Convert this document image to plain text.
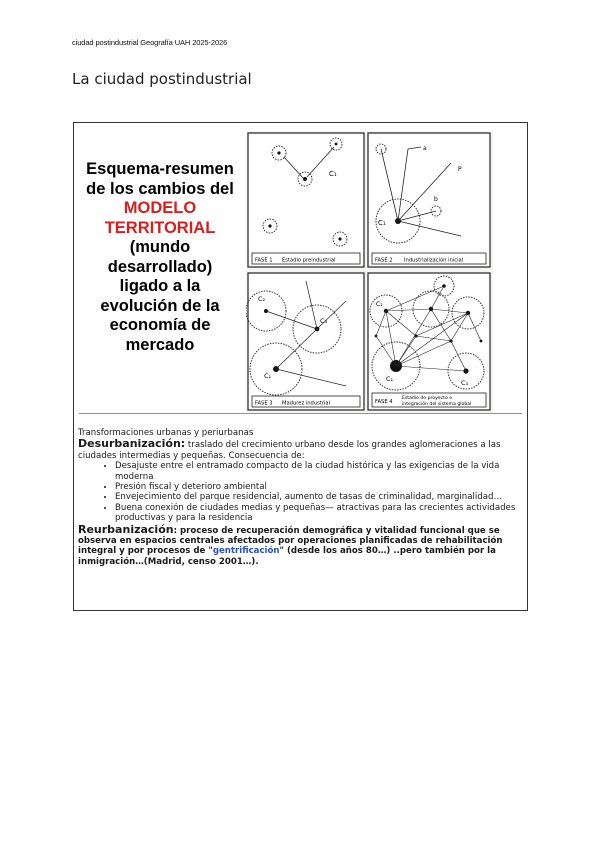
ciudad postindustrial Geografía UAH 2025-2026
La ciudad postindustrial
Esquema-resumen
de los cambios del
MODELO
TERRITORIAL
(mundo
desarrollado)
ligado a la
evolución de la
economía de
mercado
FASE 1 Estadio preindustrial
C₁
FASE 2 Industrialización inicial
a
P
b
C₁
FASE 3 Madurez industrial
C₂
C₃
C₁
FASE 4
Estadio de proyecto e
integración del sistema global
C₂
C₁	C₃
Transformaciones urbanas y periurbanas
Desurbanización: traslado del crecimiento urbano desde los grandes aglomeraciones a las ciudades intermedias y pequeñas. Consecuencia de:
• Desajuste entre el entramado compacto de la ciudad histórica y las exigencias de la vida moderna
• Presión fiscal y deterioro ambiental
• Envejecimiento del parque residencial, aumento de tasas de criminalidad, marginalidad…
• Buena conexión de ciudades medias y pequeñas— atractivas para las crecientes actividades productivas y para la residencia
Reurbanización: proceso de recuperación demográfica y vitalidad funcional que se observa en espacios centrales afectados por operaciones planificadas de rehabilitación integral y por procesos de "gentrificación" (desde los años 80…) ..pero también por la inmigración…(Madrid, censo 2001…).
